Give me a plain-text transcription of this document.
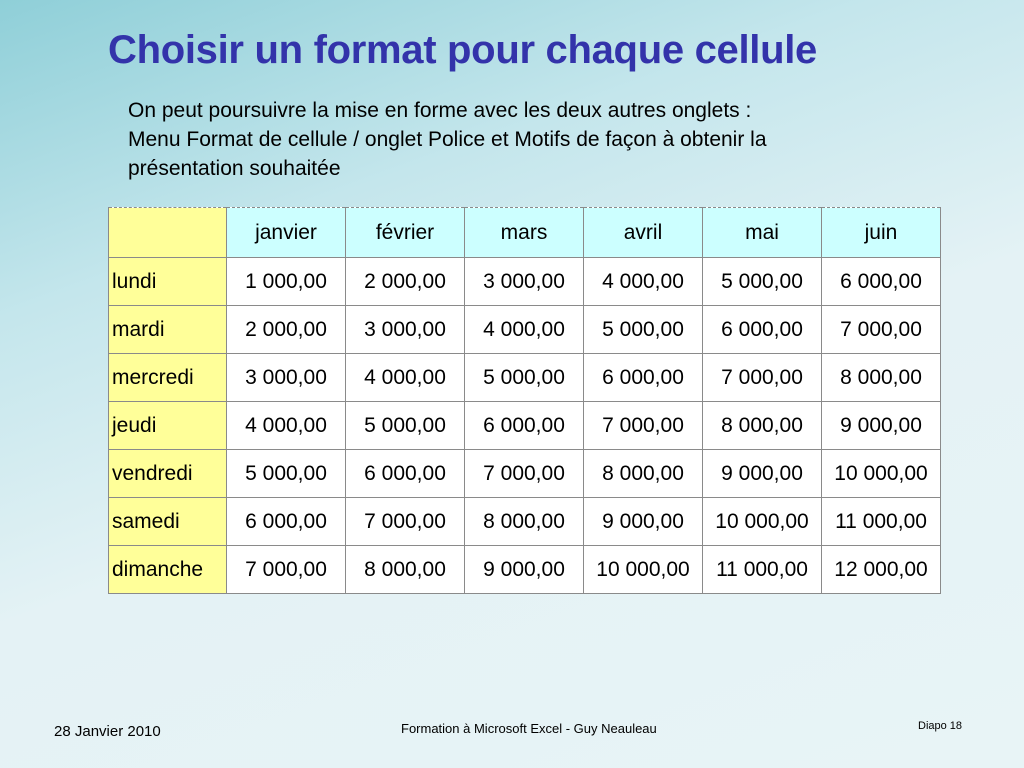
Choisir un format pour chaque cellule
On peut poursuivre la mise en forme avec les deux autres onglets :
Menu Format de cellule / onglet Police et Motifs de façon à obtenir la
présentation souhaitée
	janvier	février	mars	avril	mai	juin
lundi	1 000,00	2 000,00	3 000,00	4 000,00	5 000,00	6 000,00
mardi	2 000,00	3 000,00	4 000,00	5 000,00	6 000,00	7 000,00
mercredi	3 000,00	4 000,00	5 000,00	6 000,00	7 000,00	8 000,00
jeudi	4 000,00	5 000,00	6 000,00	7 000,00	8 000,00	9 000,00
vendredi	5 000,00	6 000,00	7 000,00	8 000,00	9 000,00	10 000,00
samedi	6 000,00	7 000,00	8 000,00	9 000,00	10 000,00	11 000,00
dimanche	7 000,00	8 000,00	9 000,00	10 000,00	11 000,00	12 000,00
28 Janvier 2010	Formation à Microsoft Excel - Guy Neauleau	Diapo 18
